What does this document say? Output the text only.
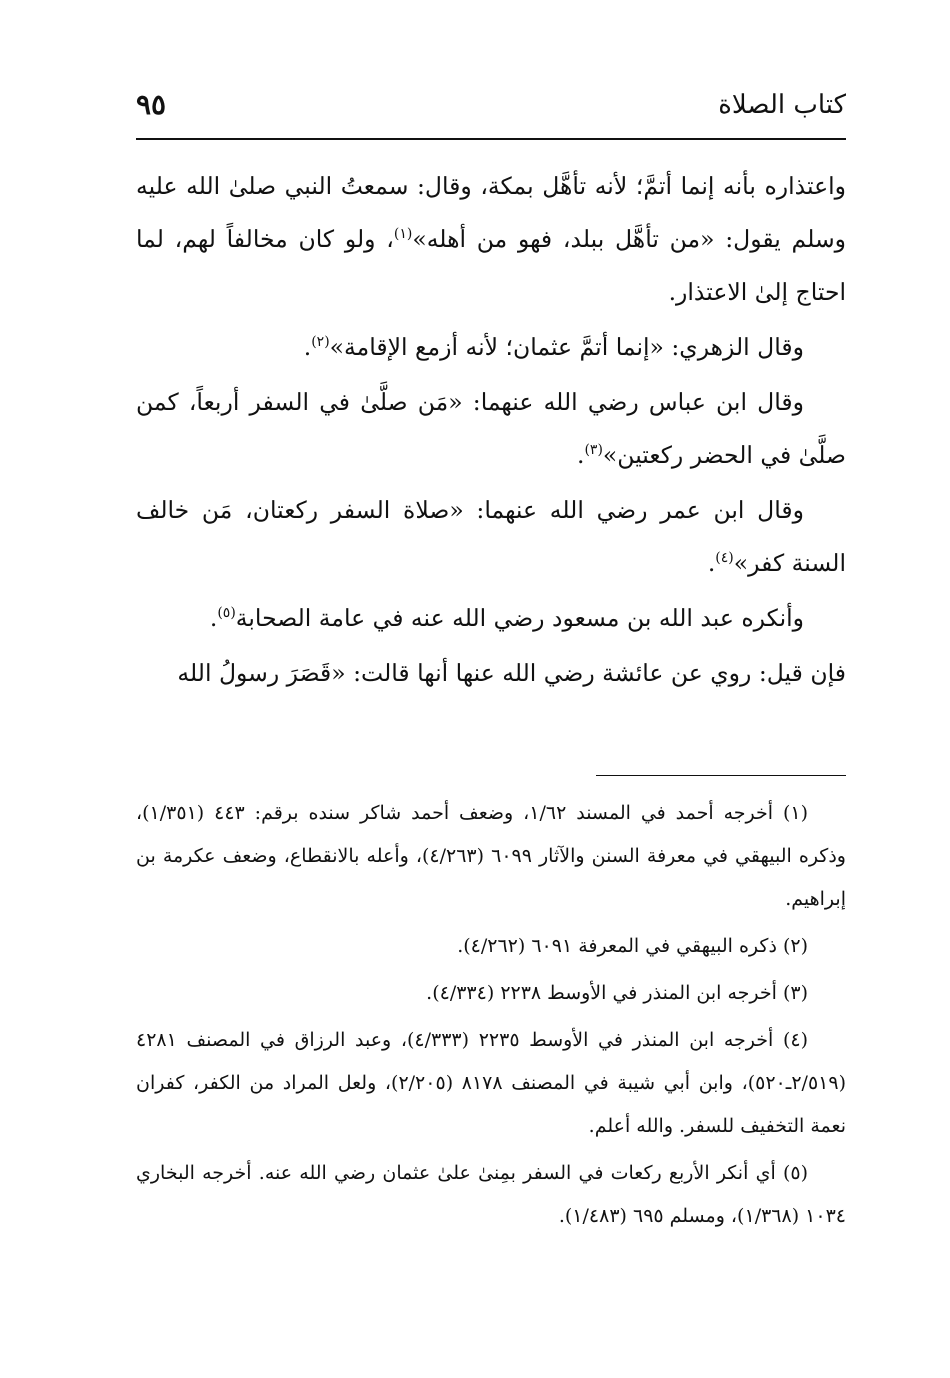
كتاب الصلاة
٩٥

واعتذاره بأنه إنما أتمَّ؛ لأنه تأهَّل بمكة، وقال: سمعتُ النبي صلىٰ الله عليه وسلم يقول: «من تأهَّل ببلد، فهو من أهله»$^{(١)}$، ولو كان مخالفاً لهم، لما احتاج إلىٰ الاعتذار.

وقال الزهري: «إنما أتمَّ عثمان؛ لأنه أزمع الإقامة»$^{(٢)}$.

وقال ابن عباس رضي الله عنهما: «مَن صلَّىٰ في السفر أربعاً، كمن صلَّىٰ في الحضر ركعتين»$^{(٣)}$.

وقال ابن عمر رضي الله عنهما: «صلاة السفر ركعتان، مَن خالف السنة كفر»$^{(٤)}$.

وأنكره عبد الله بن مسعود رضي الله عنه في عامة الصحابة$^{(٥)}$.

فإن قيل: روي عن عائشة رضي الله عنها أنها قالت: «قَصَرَ رسولُ الله

(١) أخرجه أحمد في المسند ١/٦٢، وضعف أحمد شاكر سنده برقم: ٤٤٣ (١/٣٥١)، وذكره البيهقي في معرفة السنن والآثار ٦٠٩٩ (٤/٢٦٣)، وأعله بالانقطاع، وضعف عكرمة بن إبراهيم.

(٢) ذكره البيهقي في المعرفة ٦٠٩١ (٤/٢٦٢).

(٣) أخرجه ابن المنذر في الأوسط ٢٢٣٨ (٤/٣٣٤).

(٤) أخرجه ابن المنذر في الأوسط ٢٢٣٥ (٤/٣٣٣)، وعبد الرزاق في المصنف ٤٢٨١ (٢/٥١٩ـ٥٢٠)، وابن أبي شيبة في المصنف ٨١٧٨ (٢/٢٠٥)، ولعل المراد من الكفر، كفران نعمة التخفيف للسفر. والله أعلم.

(٥) أي أنكر الأربع ركعات في السفر بمِنىٰ علىٰ عثمان رضي الله عنه. أخرجه البخاري ١٠٣٤ (١/٣٦٨)، ومسلم ٦٩٥ (١/٤٨٣).
